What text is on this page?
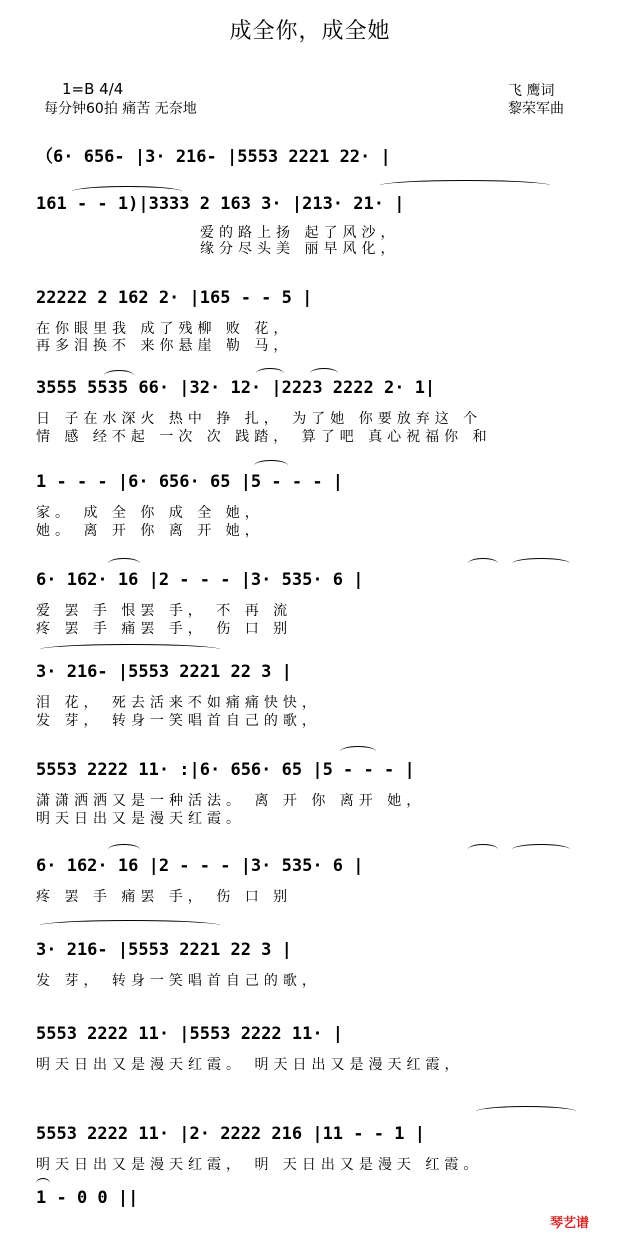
成全你，成全她
1=B 4/4
每分钟60拍 痛苦 无奈地
飞 鹰词
黎荣军曲
（6· 656- |3· 216- |5553 2221 22· |
161 - - 1)|3333 2 163 3· |213· 21· |
爱的路上扬 起了风沙，
缘分尽头美 丽早风化，
22222 2 162 2· |165 - - 5 |
在你眼里我 成了残柳 败 花，
再多泪换不 来你悬崖 勒 马，
3555 5535 66· |32· 12· |2223 2222 2· 1|
日 子在水深火 热中 挣 扎， 为了她 你要放弃这 个
情 感 经不起 一次 次 践踏， 算了吧 真心祝福你 和
1 - - - |6· 656· 65 |5 - - - |
家。 成 全 你 成 全 她，
她。 离 开 你 离 开 她，
6· 162· 16 |2 - - - |3· 535· 6 |
爱 罢 手 恨罢 手， 不 再 流
疼 罢 手 痛罢 手， 伤 口 别
3· 216- |5553 2221 22 3 |
泪 花， 死去活来不如痛痛快快，
发 芽， 转身一笑唱首自己的歌，
5553 2222 11· :|6· 656· 65 |5 - - - |
潇潇洒洒又是一种活法。 离 开 你 离开 她，
明天日出又是漫天红霞。
6· 162· 16 |2 - - - |3· 535· 6 |
疼 罢 手 痛罢 手， 伤 口 别
3· 216- |5553 2221 22 3 |
发 芽， 转身一笑唱首自己的歌，
5553 2222 11· |5553 2222 11· |
明天日出又是漫天红霞。 明天日出又是漫天红霞，
5553 2222 11· |2· 2222 216 |11 - - 1 |
明天日出又是漫天红霞， 明 天日出又是漫天 红霞。
1 - 0 0 ||
琴艺谱
